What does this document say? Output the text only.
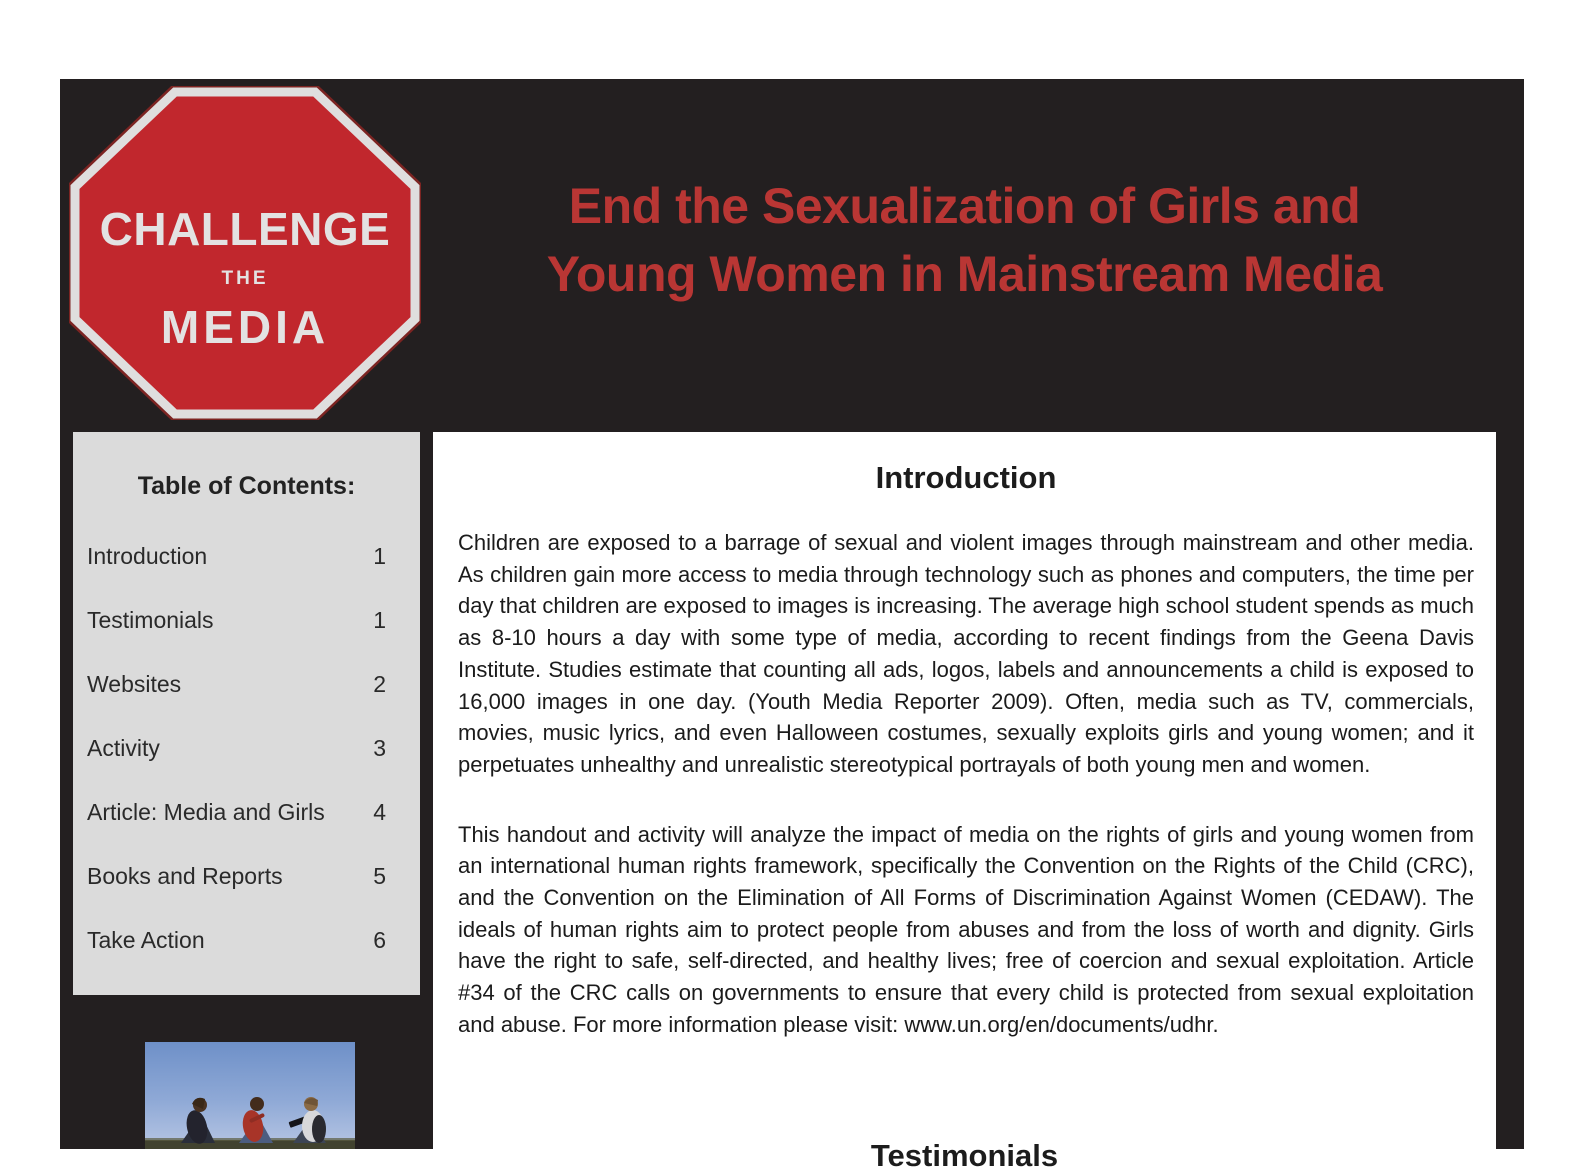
CHALLENGE
THE
MEDIA
End the Sexualization of Girls and
Young Women in Mainstream Media
Table of Contents:
Introduction	1
Testimonials	1
Websites	2
Activity	3
Article: Media and Girls 4
Books and Reports	5
Take Action	6
Introduction

Children are exposed to a barrage of sexual and violent images through mainstream and other media. As children gain more access to media through technology such as phones and computers, the time per day that children are exposed to images is increasing. The average high school student spends as much as 8-10 hours a day with some type of media, according to recent findings from the Geena Davis Institute. Studies estimate that counting all ads, logos, labels and announcements a child is exposed to 16,000 images in one day. (Youth Media Reporter 2009). Often, media such as TV, commercials, movies, music lyrics, and even Halloween costumes, sexually exploits girls and young women; and it perpetuates unhealthy and unrealistic stereotypical portrayals of both young men and women.

This handout and activity will analyze the impact of media on the rights of girls and young women from an international human rights framework, specifically the Convention on the Rights of the Child (CRC), and the Convention on the Elimination of All Forms of Discrimination Against Women (CEDAW). The ideals of human rights aim to protect people from abuses and from the loss of worth and dignity. Girls have the right to safe, self-directed, and healthy lives; free of coercion and sexual exploitation. Article #34 of the CRC calls on governments to ensure that every child is protected from sexual exploitation and abuse. For more information please visit: www.un.org/en/documents/udhr.

Testimonials
